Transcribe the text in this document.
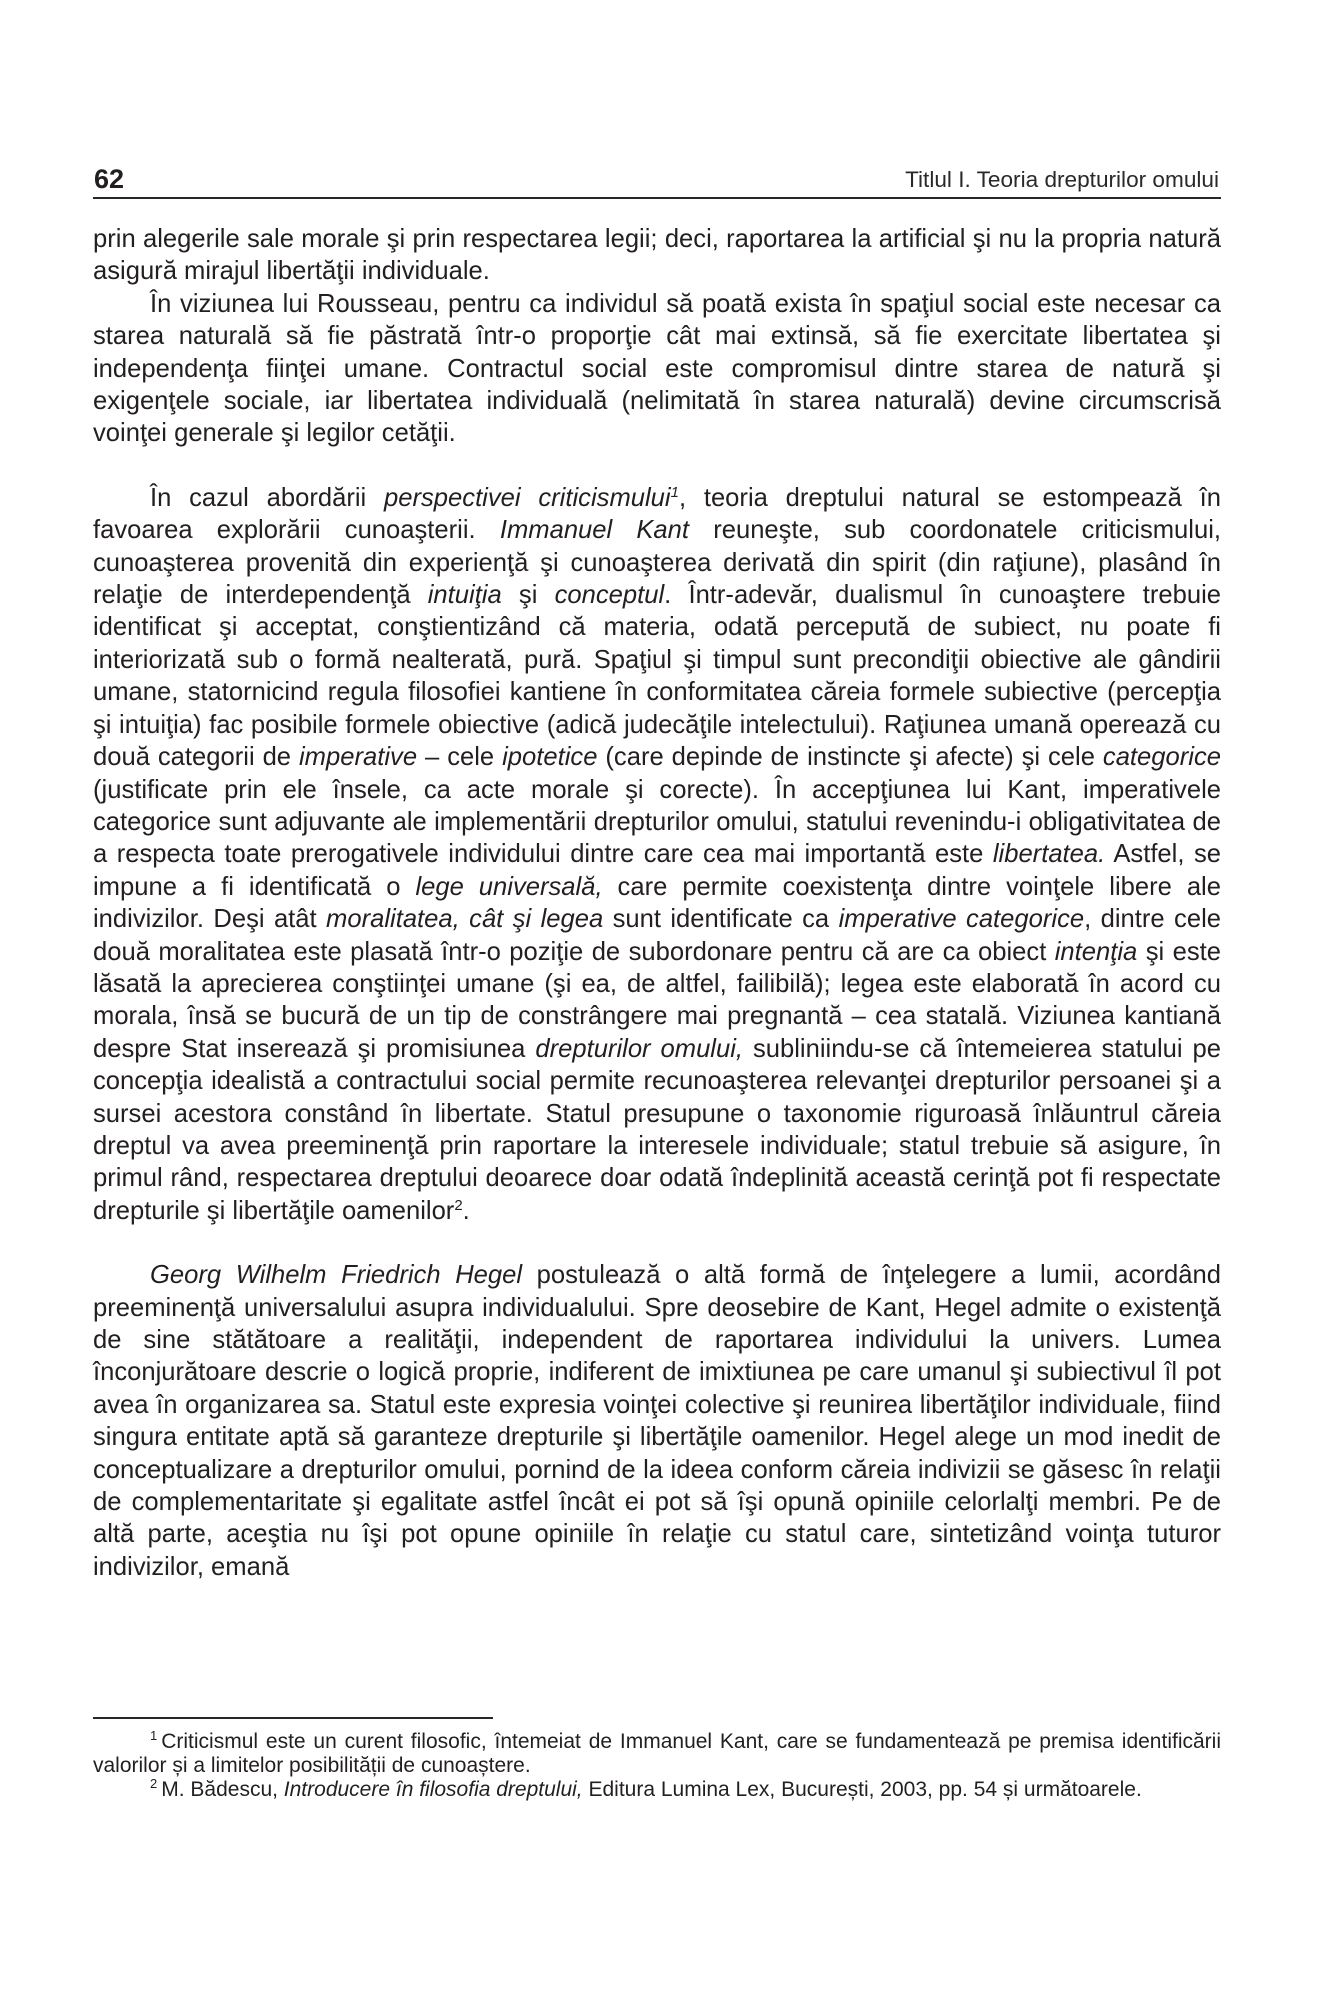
62	Titlul I. Teoria drepturilor omului

prin alegerile sale morale şi prin respectarea legii; deci, raportarea la artificial şi nu la propria natură asigură mirajul libertăţii individuale.

În viziunea lui Rousseau, pentru ca individul să poată exista în spaţiul social este necesar ca starea naturală să fie păstrată într-o proporţie cât mai extinsă, să fie exercitate libertatea şi independenţa fiinţei umane. Contractul social este compromisul dintre starea de natură şi exigenţele sociale, iar libertatea individuală (nelimitată în starea naturală) devine circumscrisă voinţei generale şi legilor cetăţii.

În cazul abordării perspectivei criticismului$^1$, teoria dreptului natural se estompează în favoarea explorării cunoaşterii. Immanuel Kant reuneşte, sub coordonatele criticismului, cunoaşterea provenită din experienţă şi cunoaşterea derivată din spirit (din raţiune), plasând în relaţie de interdependenţă intuiţia şi conceptul. Într-adevăr, dualismul în cunoaştere trebuie identificat şi acceptat, conştientizând că materia, odată percepută de subiect, nu poate fi interiorizată sub o formă nealterată, pură. Spaţiul şi timpul sunt precondiţii obiective ale gândirii umane, statornicind regula filosofiei kantiene în conformitatea căreia formele subiective (percepţia şi intuiţia) fac posibile formele obiective (adică judecăţile intelectului). Raţiunea umană operează cu două categorii de imperative – cele ipotetice (care depinde de instincte şi afecte) şi cele categorice (justificate prin ele însele, ca acte morale şi corecte). În accepţiunea lui Kant, imperativele categorice sunt adjuvante ale implementării drepturilor omului, statului revenindu-i obligativitatea de a respecta toate prerogativele individului dintre care cea mai importantă este libertatea. Astfel, se impune a fi identificată o lege universală, care permite coexistenţa dintre voinţele libere ale indivizilor. Deşi atât moralitatea, cât şi legea sunt identificate ca imperative categorice, dintre cele două moralitatea este plasată într-o poziţie de subordonare pentru că are ca obiect intenţia şi este lăsată la aprecierea conştiinţei umane (şi ea, de altfel, failibilă); legea este elaborată în acord cu morala, însă se bucură de un tip de constrângere mai pregnantă – cea statală. Viziunea kantiană despre Stat inserează şi promisiunea drepturilor omului, subliniindu-se că întemeierea statului pe concepţia idealistă a contractului social permite recunoaşterea relevanţei drepturilor persoanei şi a sursei acestora constând în libertate. Statul presupune o taxonomie riguroasă înlăuntrul căreia dreptul va avea preeminenţă prin raportare la interesele individuale; statul trebuie să asigure, în primul rând, respectarea dreptului deoarece doar odată îndeplinită această cerinţă pot fi respectate drepturile şi libertăţile oamenilor$^2$.

Georg Wilhelm Friedrich Hegel postulează o altă formă de înţelegere a lumii, acordând preeminenţă universalului asupra individualului. Spre deosebire de Kant, Hegel admite o existenţă de sine stătătoare a realităţii, independent de raportarea individului la univers. Lumea înconjurătoare descrie o logică proprie, indiferent de imixtiunea pe care umanul şi subiectivul îl pot avea în organizarea sa. Statul este expresia voinţei colective şi reunirea libertăţilor individuale, fiind singura entitate aptă să garanteze drepturile şi libertăţile oamenilor. Hegel alege un mod inedit de conceptualizare a drepturilor omului, pornind de la ideea conform căreia indivizii se găsesc în relaţii de complementaritate şi egalitate astfel încât ei pot să îşi opună opiniile celorlalţi membri. Pe de altă parte, aceştia nu îşi pot opune opiniile în relaţie cu statul care, sintetizând voinţa tuturor indivizilor, emană

$^1$ Criticismul este un curent filosofic, întemeiat de Immanuel Kant, care se fundamentează pe premisa identificării valorilor și a limitelor posibilității de cunoaștere.

$^2$ M. Bădescu, Introducere în filosofia dreptului, Editura Lumina Lex, București, 2003, pp. 54 și următoarele.
